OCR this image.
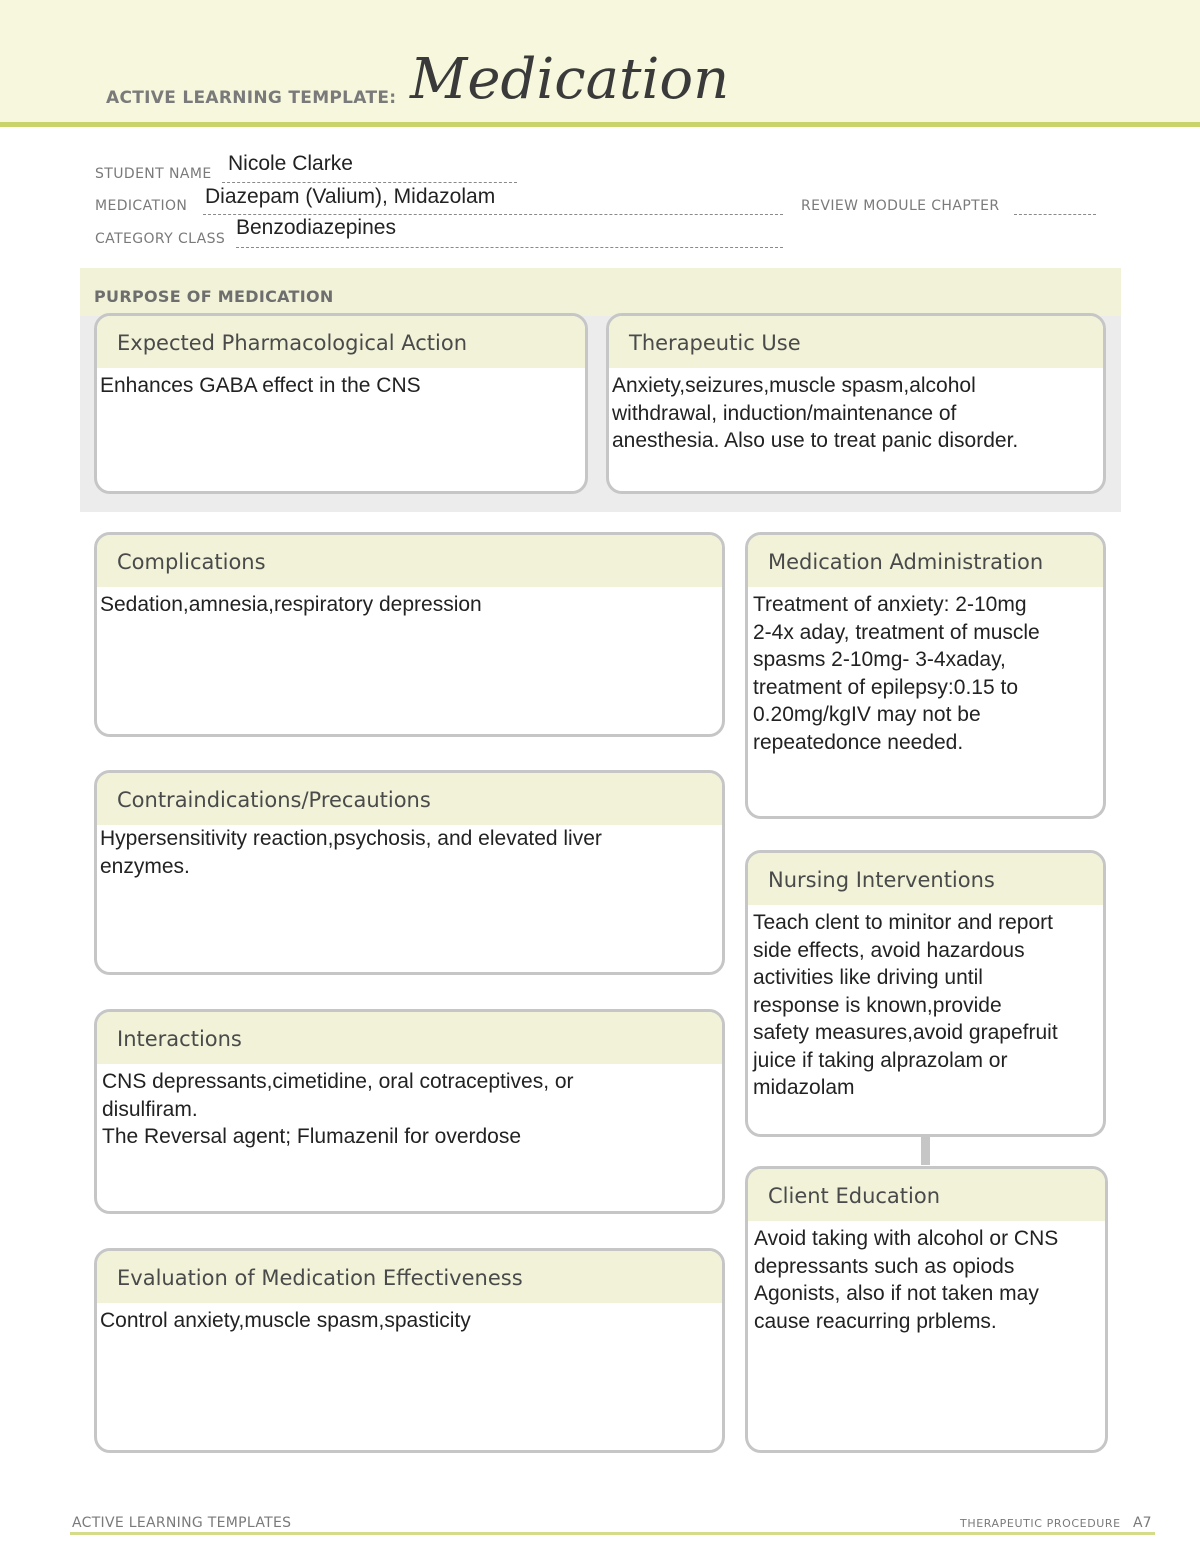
ACTIVE LEARNING TEMPLATE: Medication
STUDENT NAME Nicole Clarke
MEDICATION Diazepam (Valium), Midazolam	REVIEW MODULE CHAPTER
CATEGORY CLASS Benzodiazepines
PURPOSE OF MEDICATION
Expected Pharmacological Action
Enhances GABA effect in the CNS
Therapeutic Use
Anxiety,seizures,muscle spasm,alcohol
withdrawal, induction/maintenance of
anesthesia. Also use to treat panic disorder.
Complications
Sedation,amnesia,respiratory depression
Contraindications/Precautions
Hypersensitivity reaction,psychosis, and elevated liver
enzymes.
Interactions
CNS depressants,cimetidine, oral cotraceptives, or
disulfiram.
The Reversal agent; Flumazenil for overdose
Evaluation of Medication Effectiveness
Control anxiety,muscle spasm,spasticity
Medication Administration
Treatment of anxiety: 2-10mg
2-4x aday, treatment of muscle
spasms 2-10mg- 3-4xaday,
treatment of epilepsy:0.15 to
0.20mg/kgIV may not be
repeatedonce needed.
Nursing Interventions
Teach clent to minitor and report
side effects, avoid hazardous
activities like driving until
response is known,provide
safety measures,avoid grapefruit
juice if taking alprazolam or
midazolam
Client Education
Avoid taking with alcohol or CNS
depressants such as opiods
Agonists, also if not taken may
cause reacurring prblems.
ACTIVE LEARNING TEMPLATES	THERAPEUTIC PROCEDURE A7
